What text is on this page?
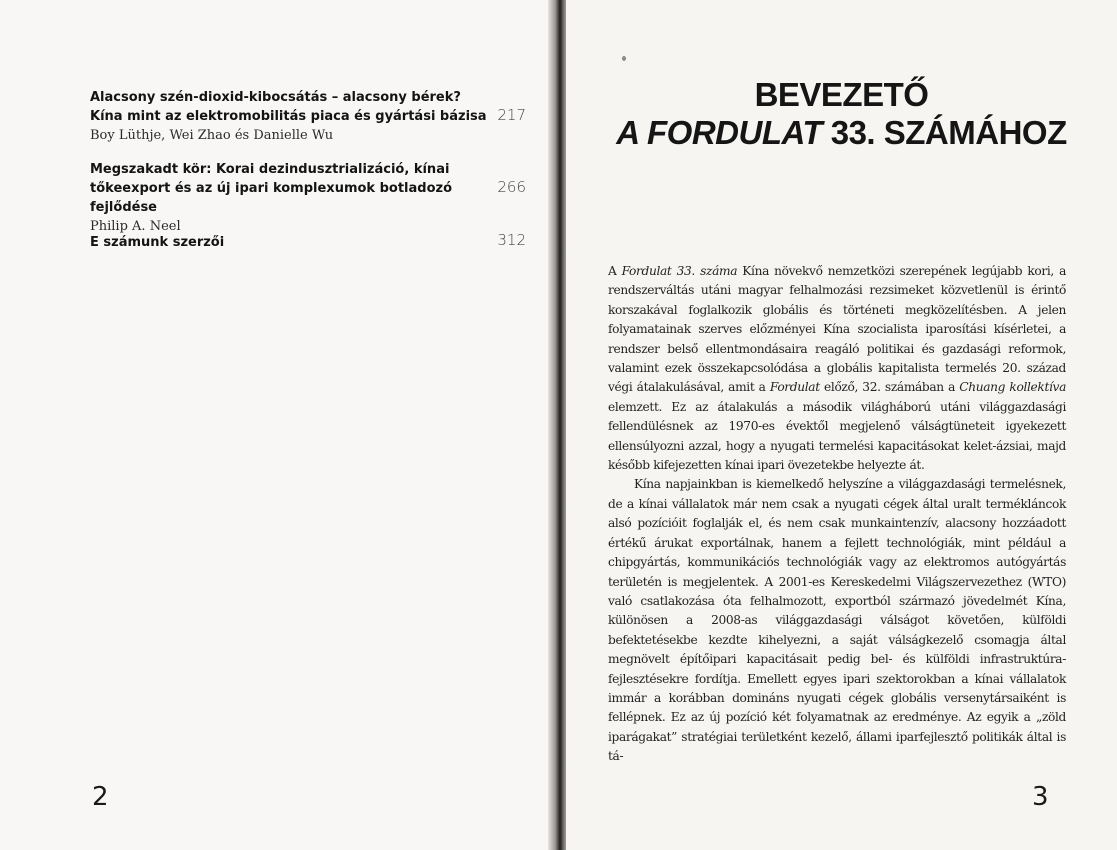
Alacsony szén-dioxid-kibocsátás – alacsony bérek? Kína mint az elektromobilitás piaca és gyártási bázisa
Boy Lüthje, Wei Zhao és Danielle Wu
217
Megszakadt kör: Korai dezindusztrializáció, kínai tőkeexport és az új ipari komplexumok botladozó fejlődése
Philip A. Neel
266
E számunk szerzői	312
2
BEVEZETŐ
A FORDULAT 33. SZÁMÁHOZ

A Fordulat 33. száma Kína növekvő nemzetközi szerepének legújabb kori, a rendszerváltás utáni magyar felhalmozási rezsimeket közvetlenül is érintő korszakával foglalkozik globális és történeti megközelítésben. A jelen folyamatainak szerves előzményei Kína szocialista iparosítási kísérletei, a rendszer belső ellentmondásaira reagáló politikai és gazdasági reformok, valamint ezek összekapcsolódása a globális kapitalista termelés 20. század végi átalakulásával, amit a Fordulat előző, 32. számában a Chuang kollektíva elemzett. Ez az átalakulás a második világháború utáni világgazdasági fellendülésnek az 1970-es évektől megjelenő válságtüneteit igyekezett ellensúlyozni azzal, hogy a nyugati termelési kapacitásokat kelet-ázsiai, majd később kifejezetten kínai ipari övezetekbe helyezte át.

Kína napjainkban is kiemelkedő helyszíne a világgazdasági termelésnek, de a kínai vállalatok már nem csak a nyugati cégek által uralt termékláncok alsó pozícióit foglalják el, és nem csak munkaintenzív, alacsony hozzáadott értékű árukat exportálnak, hanem a fejlett technológiák, mint például a chipgyártás, kommunikációs technológiák vagy az elektromos autógyártás területén is megjelentek. A 2001-es Kereskedelmi Világszervezethez (WTO) való csatlakozása óta felhalmozott, exportból származó jövedelmét Kína, különösen a 2008-as világgazdasági válságot követően, külföldi befektetésekbe kezdte kihelyezni, a saját válságkezelő csomagja által megnövelt építőipari kapacitásait pedig bel- és külföldi infrastruktúra-fejlesztésekre fordítja. Emellett egyes ipari szektorokban a kínai vállalatok immár a korábban domináns nyugati cégek globális versenytársaiként is fellépnek. Ez az új pozíció két folyamatnak az eredménye. Az egyik a „zöld iparágakat” stratégiai területként kezelő, állami iparfejlesztő politikák által is tá-

3
